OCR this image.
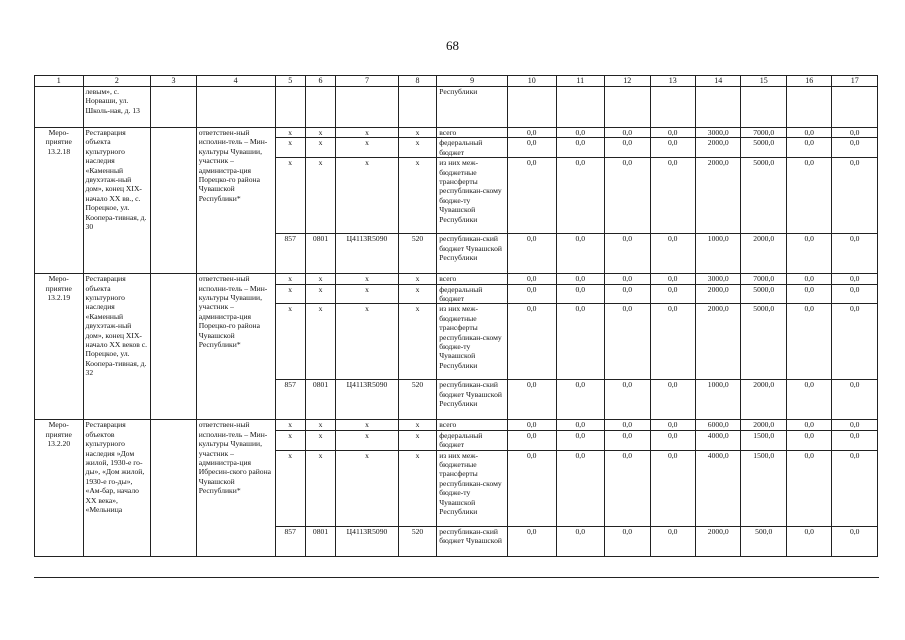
68
1	2	3	4	5	6	7	8	9	10	11	12	13	14	15	16	17
	левым», с. Норваши, ул. Школь-ная, д. 13							Республики								
Меро-приятие 13.2.18	Реставрация объекта культурного наследия «Каменный двухэтаж-ный дом», конец XIX-начало XX вв., с. Порецкое, ул. Коопера-тивная, д. 30		ответствен-ный исполни-тель – Мин-культуры Чувашии, участник – администра-ция Порецко-го района Чувашской Республики*	x	x	x	x	всего	0,0	0,0	0,0	0,0	3000,0	7000,0	0,0	0,0
				x	x	x	x	федеральный бюджет	0,0	0,0	0,0	0,0	2000,0	5000,0	0,0	0,0
				x	x	x	x	из них меж-бюджетные трансферты республикан-скому бюдже-ту Чувашской Республики	0,0	0,0	0,0	0,0	2000,0	5000,0	0,0	0,0
				857	0801	Ц4113R5090	520	республикан-ский бюджет Чувашской Республики	0,0	0,0	0,0	0,0	1000,0	2000,0	0,0	0,0
Меро-приятие 13.2.19	Реставрация объекта культурного наследия «Каменный двухэтаж-ный дом», конец XIX-начало XX веков с. Порецкое, ул. Коопера-тивная, д. 32		ответствен-ный исполни-тель – Мин-культуры Чувашии, участник – администра-ция Порецко-го района Чувашской Республики*	x	x	x	x	всего	0,0	0,0	0,0	0,0	3000,0	7000,0	0,0	0,0
				x	x	x	x	федеральный бюджет	0,0	0,0	0,0	0,0	2000,0	5000,0	0,0	0,0
				x	x	x	x	из них меж-бюджетные трансферты республикан-скому бюдже-ту Чувашской Республики	0,0	0,0	0,0	0,0	2000,0	5000,0	0,0	0,0
				857	0801	Ц4113R5090	520	республикан-ский бюджет Чувашской Республики	0,0	0,0	0,0	0,0	1000,0	2000,0	0,0	0,0
Меро-приятие 13.2.20	Реставрация объектов культурного наследия »Дом жилой, 1930-е го-ды», «Дом жилой, 1930-е го-ды», «Ам-бар, начало XX века», «Мельница		ответствен-ный исполни-тель – Мин-культуры Чувашии, участник – администра-ция Ибресин-ского района Чувашской Республики*	x	x	x	x	всего	0,0	0,0	0,0	0,0	6000,0	2000,0	0,0	0,0
				x	x	x	x	федеральный бюджет	0,0	0,0	0,0	0,0	4000,0	1500,0	0,0	0,0
				x	x	x	x	из них меж-бюджетные трансферты республикан-скому бюдже-ту Чувашской Республики	0,0	0,0	0,0	0,0	4000,0	1500,0	0,0	0,0
				857	0801	Ц4113R5090	520	республикан-ский бюджет Чувашской	0,0	0,0	0,0	0,0	2000,0	500,0	0,0	0,0
